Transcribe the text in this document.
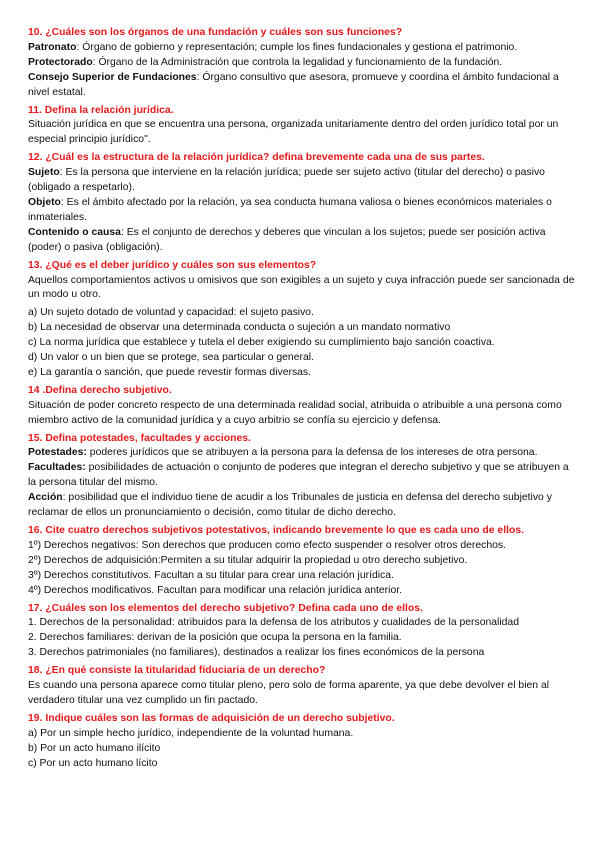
10. ¿Cuáles son los órganos de una fundación y cuáles son sus funciones?

Patronato: Órgano de gobierno y representación; cumple los fines fundacionales y gestiona el patrimonio.

Protectorado: Órgano de la Administración que controla la legalidad y funcionamiento de la fundación.

Consejo Superior de Fundaciones: Órgano consultivo que asesora, promueve y coordina el ámbito fundacional a nivel estatal.

11. Defina la relación jurídica.

Situación jurídica en que se encuentra una persona, organizada unitariamente dentro del orden jurídico total por un especial principio jurídico".

12. ¿Cuál es la estructura de la relación jurídica? defina brevemente cada una de sus partes.

Sujeto: Es la persona que interviene en la relación jurídica; puede ser sujeto activo (titular del derecho) o pasivo (obligado a respetarlo).

Objeto: Es el ámbito afectado por la relación, ya sea conducta humana valiosa o bienes económicos materiales o inmateriales.

Contenido o causa: Es el conjunto de derechos y deberes que vinculan a los sujetos; puede ser posición activa (poder) o pasiva (obligación).

13. ¿Qué es el deber jurídico y cuáles son sus elementos?

Aquellos comportamientos activos u omisivos que son exigibles a un sujeto y cuya infracción puede ser sancionada de un modo u otro.

a) Un sujeto dotado de voluntad y capacidad: el sujeto pasivo.

b) La necesidad de observar una determinada conducta o sujeción a un mandato normativo

c) La norma jurídica que establece y tutela el deber exigiendo su cumplimiento bajo sanción coactiva.

d) Un valor o un bien que se protege, sea particular o general.

e) La garantía o sanción, que puede revestir formas diversas.

14 .Defina derecho subjetivo.

Situación de poder concreto respecto de una determinada realidad social, atribuida o atribuible a una persona como miembro activo de la comunidad jurídica y a cuyo arbitrio se confía su ejercicio y defensa.

15. Defina potestades, facultades y acciones.

Potestades: poderes jurídicos que se atribuyen a la persona para la defensa de los intereses de otra persona.

Facultades: posibilidades de actuación o conjunto de poderes que integran el derecho subjetivo y que se atribuyen a la persona titular del mismo.

Acción: posibilidad que el individuo tiene de acudir a los Tribunales de justicia en defensa del derecho subjetivo y reclamar de ellos un pronunciamiento o decisión, como titular de dicho derecho.

16. Cite cuatro derechos subjetivos potestativos, indicando brevemente lo que es cada uno de ellos.

1º) Derechos negativos: Son derechos que producen como efecto suspender o resolver otros derechos.

2º) Derechos de adquisición:Permiten a su titular adquirir la propiedad u otro derecho subjetivo.

3º) Derechos constitutivos. Facultan a su titular para crear una relación jurídica.

4º) Derechos modificativos. Facultan para modificar una relación jurídica anterior.

17. ¿Cuáles son los elementos del derecho subjetivo? Defina cada uno de ellos.

1. Derechos de la personalidad: atribuidos para la defensa de los atributos y cualidades de la personalidad

2. Derechos familiares: derivan de la posición que ocupa la persona en la familia.

3. Derechos patrimoniales (no familiares), destinados a realizar los fines económicos de la persona

18. ¿En qué consiste la titularidad fiduciaria de un derecho?

Es cuando una persona aparece como titular pleno, pero solo de forma aparente, ya que debe devolver el bien al verdadero titular una vez cumplido un fin pactado.

19. Indique cuáles son las formas de adquisición de un derecho subjetivo.

a) Por un simple hecho jurídico, independiente de la voluntad humana.

b) Por un acto humano ilícito

c) Por un acto humano lícito
